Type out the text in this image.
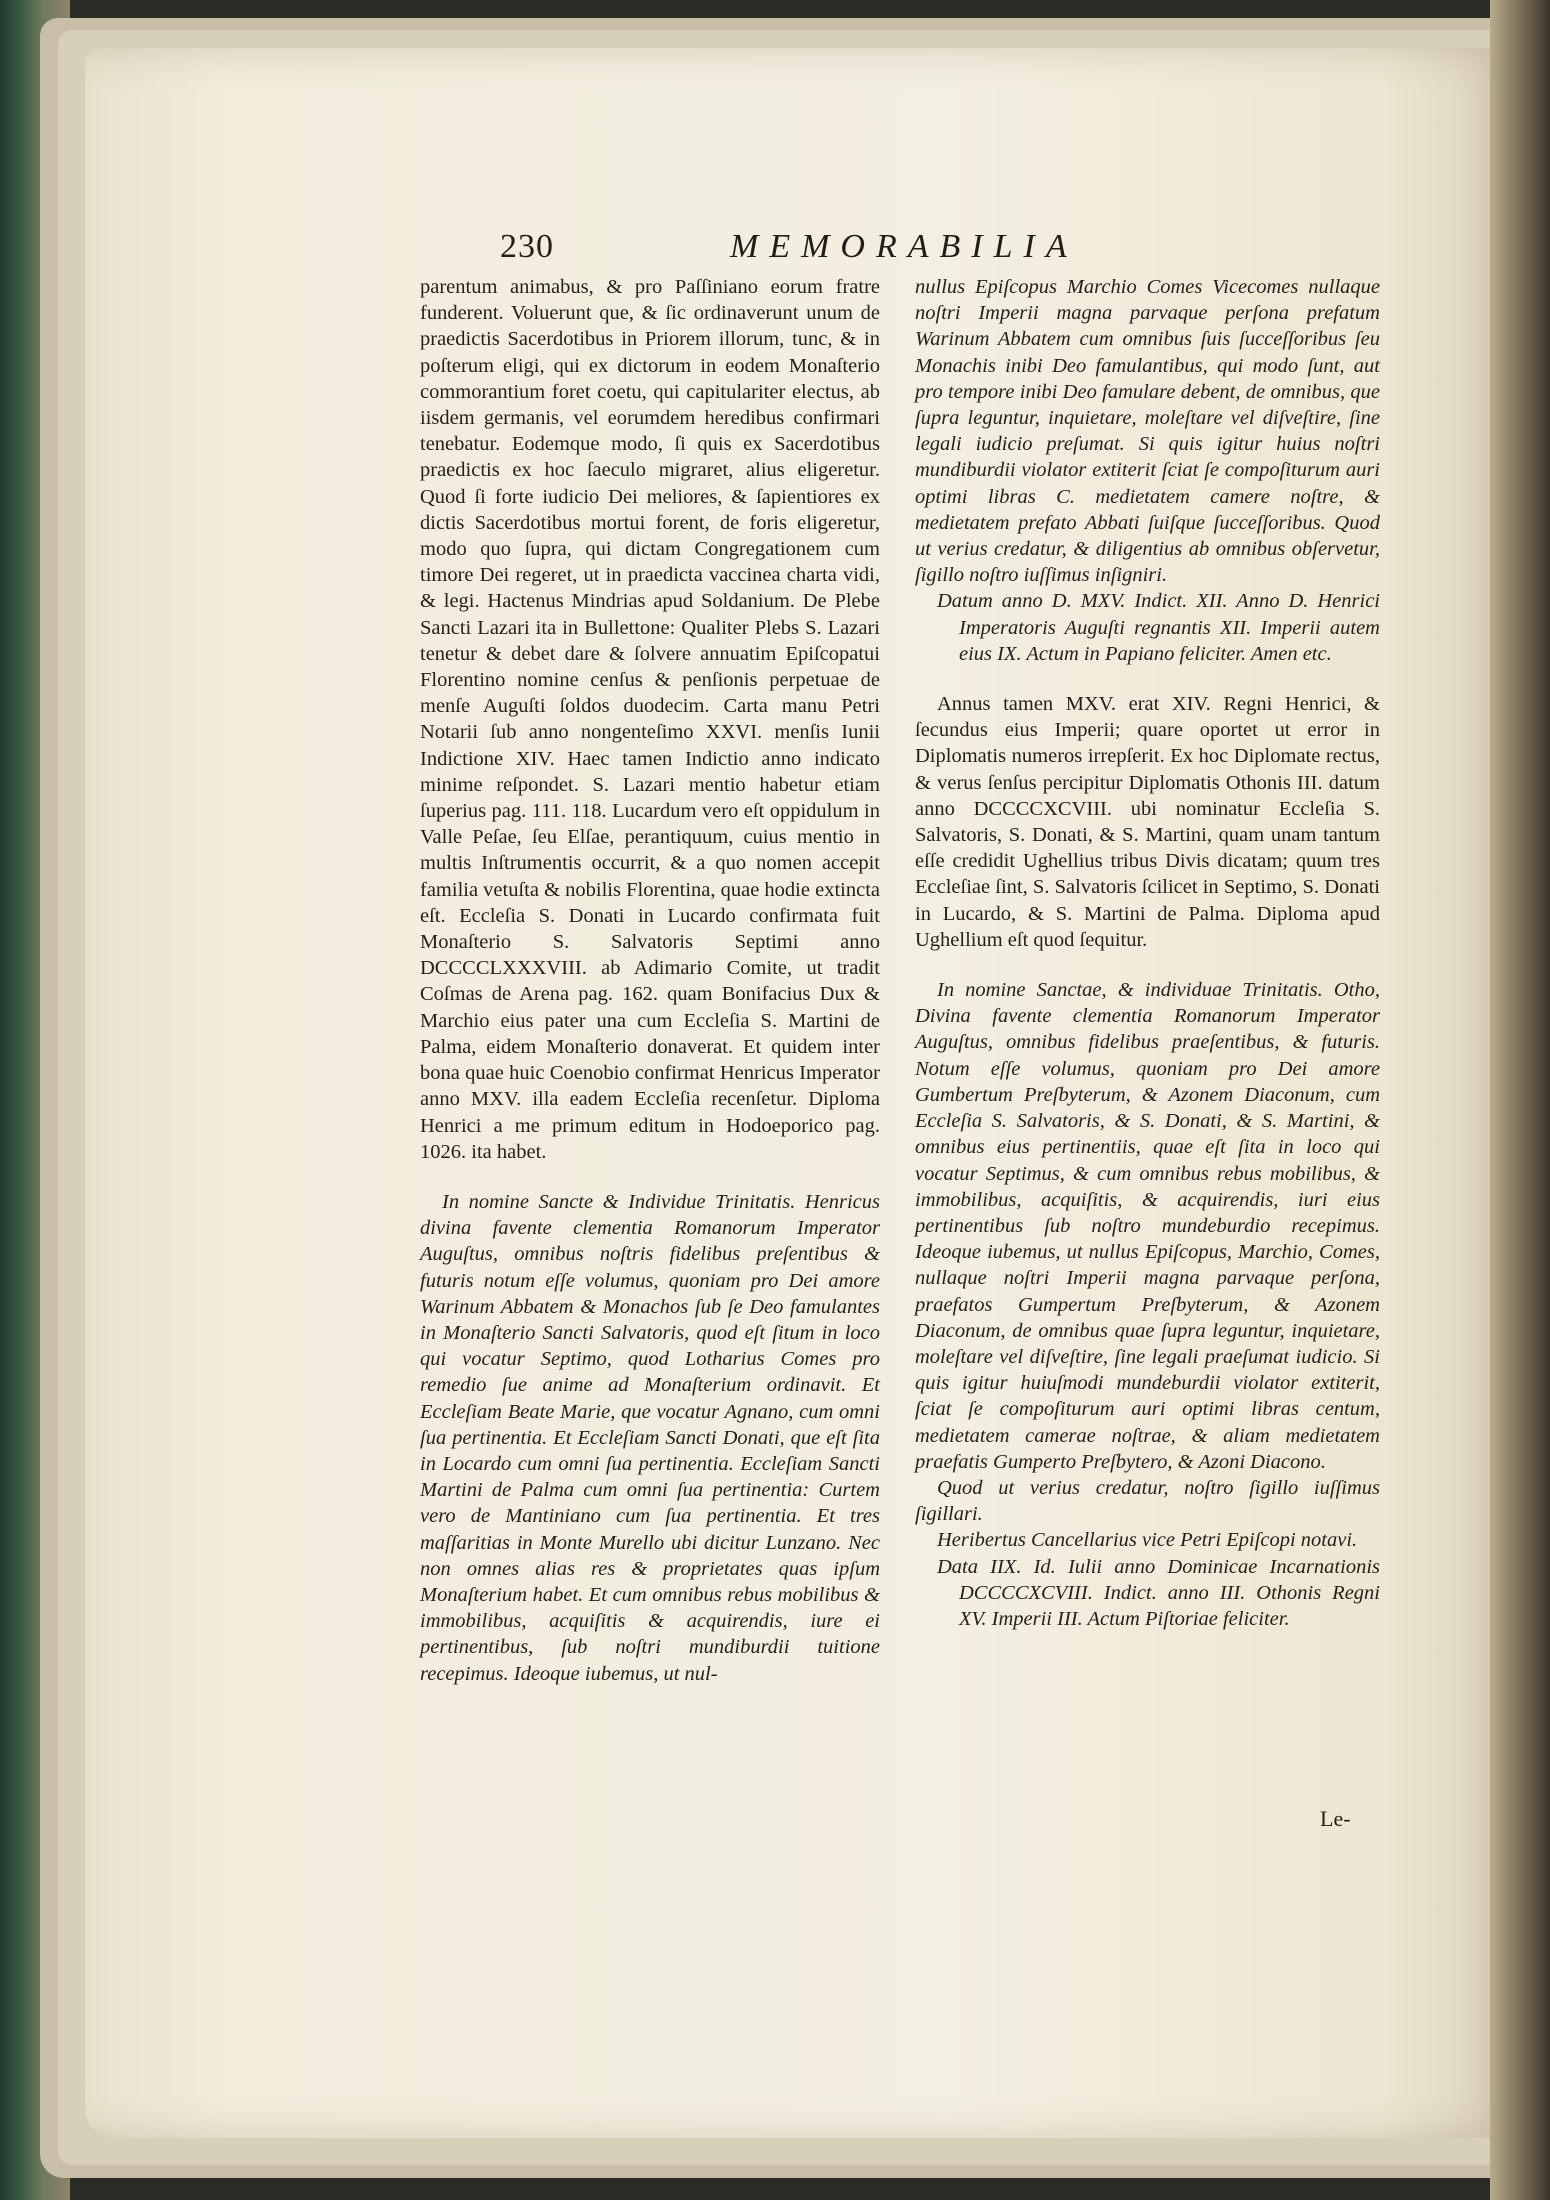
230	MEMORABILIA

parentum animabus, & pro Paſſiniano eorum fratre funderent. Voluerunt que, & ſic ordinaverunt unum de praedictis Sacerdotibus in Priorem illorum, tunc, & in poſterum eligi, qui ex dictorum in eodem Monaſterio commorantium foret coetu, qui capitulariter electus, ab iisdem germanis, vel eorumdem heredibus confirmari tenebatur. Eodemque modo, ſi quis ex Sacerdotibus praedictis ex hoc ſaeculo migraret, alius eligeretur. Quod ſi forte iudicio Dei meliores, & ſapientiores ex dictis Sacerdotibus mortui forent, de foris eligeretur, modo quo ſupra, qui dictam Congregationem cum timore Dei regeret, ut in praedicta vaccinea charta vidi, & legi. Hactenus Mindrias apud Soldanium. De Plebe Sancti Lazari ita in Bullettone: Qualiter Plebs S. Lazari tenetur & debet dare & ſolvere annuatim Epiſcopatui Florentino nomine cenſus & penſionis perpetuae de menſe Auguſti ſoldos duodecim. Carta manu Petri Notarii ſub anno nongenteſimo XXVI. menſis Iunii Indictione XIV. Haec tamen Indictio anno indicato minime reſpondet. S. Lazari mentio habetur etiam ſuperius pag. 111. 118. Lucardum vero eſt oppidulum in Valle Peſae, ſeu Elſae, perantiquum, cuius mentio in multis Inſtrumentis occurrit, & a quo nomen accepit familia vetuſta & nobilis Florentina, quae hodie extincta eſt. Eccleſia S. Donati in Lucardo confirmata fuit Monaſterio S. Salvatoris Septimi anno DCCCCLXXXVIII. ab Adimario Comite, ut tradit Coſmas de Arena pag. 162. quam Bonifacius Dux & Marchio eius pater una cum Eccleſia S. Martini de Palma, eidem Monaſterio donaverat. Et quidem inter bona quae huic Coenobio confirmat Henricus Imperator anno MXV. illa eadem Eccleſia recenſetur. Diploma Henrici a me primum editum in Hodoeporico pag. 1026. ita habet.

In nomine Sancte & Individue Trinitatis. Henricus divina favente clementia Romanorum Imperator Auguſtus, omnibus noſtris fidelibus preſentibus & futuris notum eſſe volumus, quoniam pro Dei amore Warinum Abbatem & Monachos ſub ſe Deo famulantes in Monaſterio Sancti Salvatoris, quod eſt ſitum in loco qui vocatur Septimo, quod Lotharius Comes pro remedio ſue anime ad Monaſterium ordinavit. Et Eccleſiam Beate Marie, que vocatur Agnano, cum omni ſua pertinentia. Et Eccleſiam Sancti Donati, que eſt ſita in Locardo cum omni ſua pertinentia. Eccleſiam Sancti Martini de Palma cum omni ſua pertinentia: Curtem vero de Mantiniano cum ſua pertinentia. Et tres maſſaritias in Monte Murello ubi dicitur Lunzano. Nec non omnes alias res & proprietates quas ipſum Monaſterium habet. Et cum omnibus rebus mobilibus & immobilibus, acquiſitis & acquirendis, iure ei pertinentibus, ſub noſtri mundiburdii tuitione recepimus. Ideoque iubemus, ut nul-

nullus Epiſcopus Marchio Comes Vicecomes nullaque noſtri Imperii magna parvaque perſona prefatum Warinum Abbatem cum omnibus ſuis ſucceſſoribus ſeu Monachis inibi Deo famulantibus, qui modo ſunt, aut pro tempore inibi Deo famulare debent, de omnibus, que ſupra leguntur, inquietare, moleſtare vel diſveſtire, ſine legali iudicio preſumat. Si quis igitur huius noſtri mundiburdii violator extiterit ſciat ſe compoſiturum auri optimi libras C. medietatem camere noſtre, & medietatem prefato Abbati ſuiſque ſucceſſoribus. Quod ut verius credatur, & diligentius ab omnibus obſervetur, ſigillo noſtro iuſſimus inſigniri.

Datum anno D. MXV. Indict. XII. Anno D. Henrici Imperatoris Auguſti regnantis XII. Imperii autem eius IX. Actum in Papiano feliciter. Amen etc.

Annus tamen MXV. erat XIV. Regni Henrici, & ſecundus eius Imperii; quare oportet ut error in Diplomatis numeros irrepſerit. Ex hoc Diplomate rectus, & verus ſenſus percipitur Diplomatis Othonis III. datum anno DCCCCXCVIII. ubi nominatur Eccleſia S. Salvatoris, S. Donati, & S. Martini, quam unam tantum eſſe credidit Ughellius tribus Divis dicatam; quum tres Eccleſiae ſint, S. Salvatoris ſcilicet in Septimo, S. Donati in Lucardo, & S. Martini de Palma. Diploma apud Ughellium eſt quod ſequitur.

In nomine Sanctae, & individuae Trinitatis. Otho, Divina favente clementia Romanorum Imperator Auguſtus, omnibus fidelibus praeſentibus, & futuris. Notum eſſe volumus, quoniam pro Dei amore Gumbertum Preſbyterum, & Azonem Diaconum, cum Eccleſia S. Salvatoris, & S. Donati, & S. Martini, & omnibus eius pertinentiis, quae eſt ſita in loco qui vocatur Septimus, & cum omnibus rebus mobilibus, & immobilibus, acquiſitis, & acquirendis, iuri eius pertinentibus ſub noſtro mundeburdio recepimus. Ideoque iubemus, ut nullus Epiſcopus, Marchio, Comes, nullaque noſtri Imperii magna parvaque perſona, praefatos Gumpertum Preſbyterum, & Azonem Diaconum, de omnibus quae ſupra leguntur, inquietare, moleſtare vel diſveſtire, ſine legali praeſumat iudicio. Si quis igitur huiuſmodi mundeburdii violator extiterit, ſciat ſe compoſiturum auri optimi libras centum, medietatem camerae noſtrae, & aliam medietatem praefatis Gumperto Preſbytero, & Azoni Diacono.

Quod ut verius credatur, noſtro ſigillo iuſſimus ſigillari.

Heribertus Cancellarius vice Petri Epiſcopi notavi.

Data IIX. Id. Iulii anno Dominicae Incarnationis DCCCCXCVIII. Indict. anno III. Othonis Regni XV. Imperii III. Actum Piſtoriae feliciter.

Le-
